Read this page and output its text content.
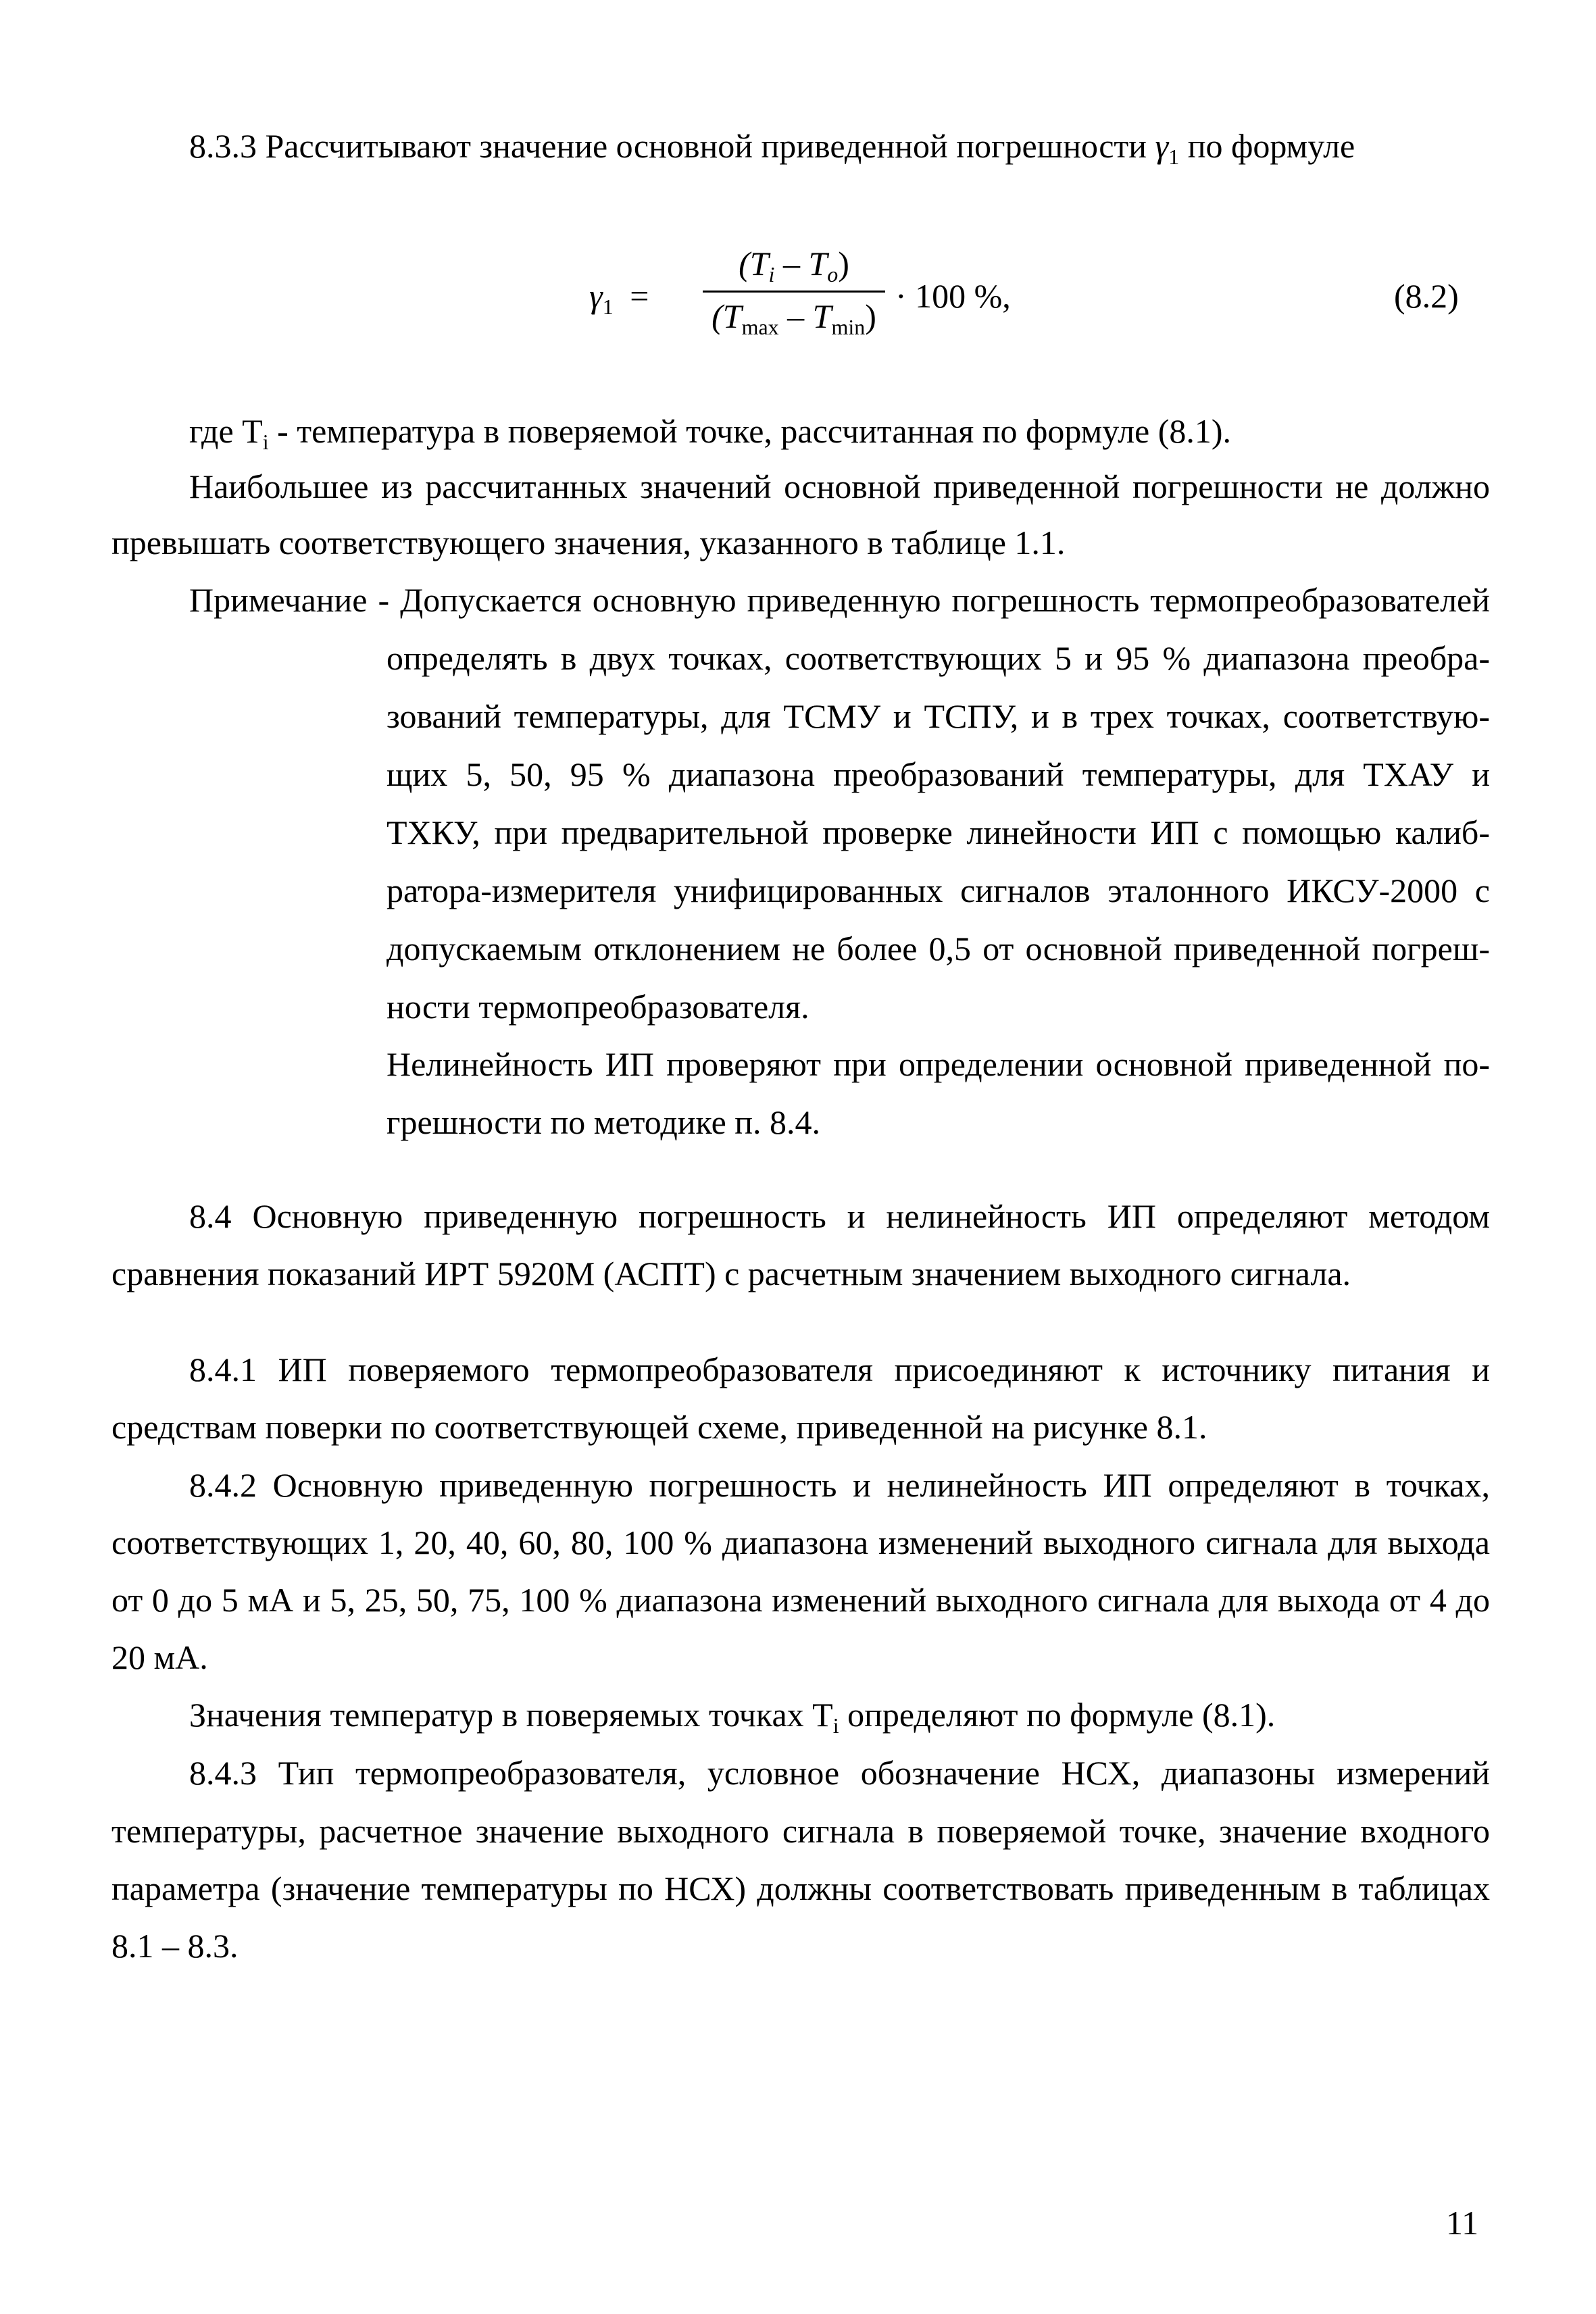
8.3.3 Рассчитывают значение основной приведенной погрешности $\gamma_1$ по формуле
$\gamma_1$ =
$(T_i - T_o)$
$(T_{max} - T_{min})$
· 100 %,	(8.2)
где $T_i$ - температура в поверяемой точке, рассчитанная по формуле (8.1).
Наибольшее из рассчитанных значений основной приведенной погрешности не должно
превышать соответствующего значения, указанного в таблице 1.1.
Примечание - Допускается основную приведенную погрешность термопреобразователей
определять в двух точках, соответствующих 5 и 95 % диапазона преобра-
зований температуры, для ТСМУ и ТСПУ, и в трех точках, соответствую-
щих 5, 50, 95 % диапазона преобразований температуры, для ТХАУ и
ТХКУ, при предварительной проверке линейности ИП с помощью калиб-
ратора-измерителя унифицированных сигналов эталонного ИКСУ-2000 с
допускаемым отклонением не более 0,5 от основной приведенной погреш-
ности термопреобразователя.
Нелинейность ИП проверяют при определении основной приведенной по-
грешности по методике п. 8.4.
8.4 Основную приведенную погрешность и нелинейность ИП определяют методом
сравнения показаний ИРТ 5920М (АСПТ) с расчетным значением выходного сигнала.
8.4.1 ИП поверяемого термопреобразователя присоединяют к источнику питания и
средствам поверки по соответствующей схеме, приведенной на рисунке 8.1.
8.4.2 Основную приведенную погрешность и нелинейность ИП определяют в точках,
соответствующих 1, 20, 40, 60, 80, 100 % диапазона изменений выходного сигнала для выхода
от 0 до 5 мА и 5, 25, 50, 75, 100 % диапазона изменений выходного сигнала для выхода от 4 до
20 мА.
Значения температур в поверяемых точках $T_i$ определяют по формуле (8.1).
8.4.3 Тип термопреобразователя, условное обозначение НСХ, диапазоны измерений
температуры, расчетное значение выходного сигнала в поверяемой точке, значение входного
параметра (значение температуры по НСХ) должны соответствовать приведенным в таблицах
8.1 – 8.3.
11
